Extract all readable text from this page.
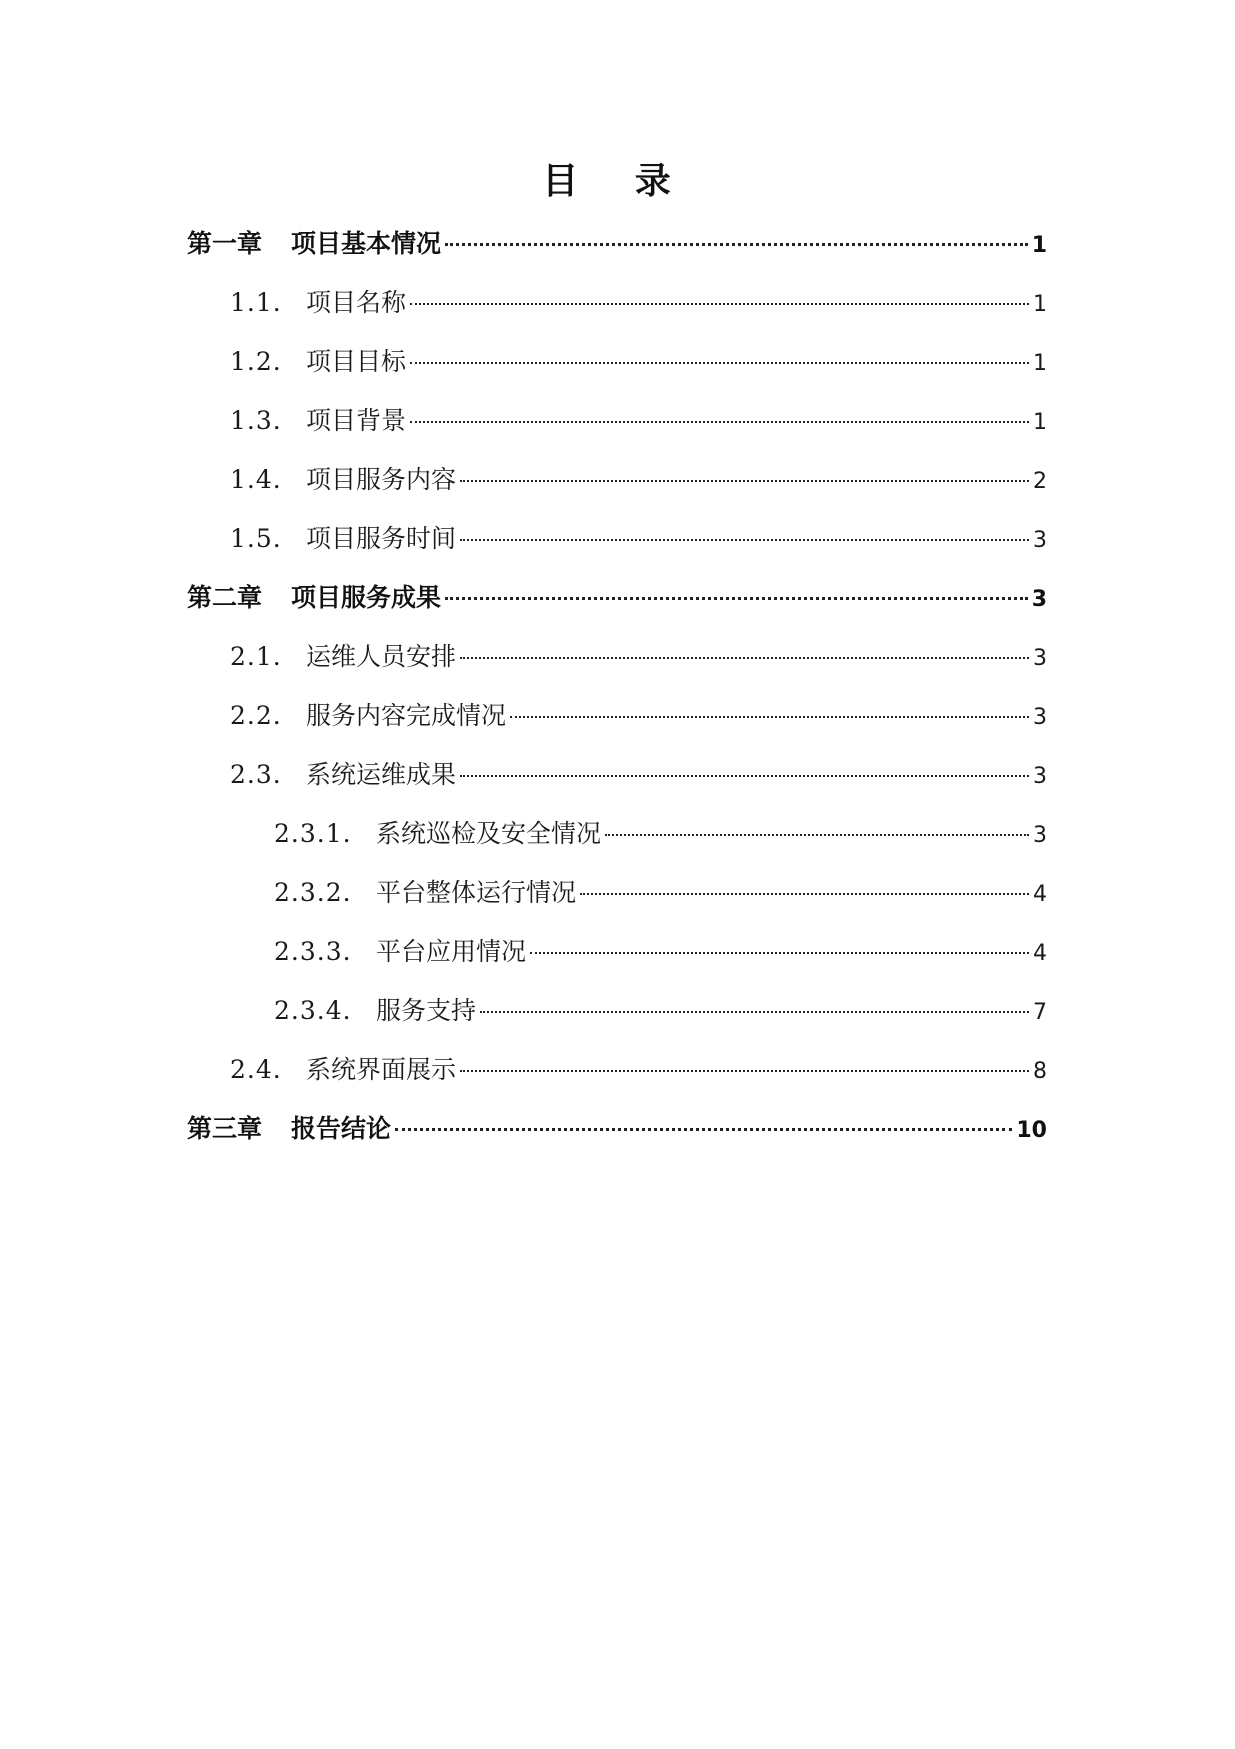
目 录
第一章	项目基本情况	1
1.1. 项目名称	1
1.2. 项目目标	1
1.3. 项目背景	1
1.4. 项目服务内容	2
1.5. 项目服务时间	3
第二章	项目服务成果	3
2.1. 运维人员安排	3
2.2. 服务内容完成情况	3
2.3. 系统运维成果	3
2.3.1. 系统巡检及安全情况	3
2.3.2. 平台整体运行情况	4
2.3.3. 平台应用情况	4
2.3.4. 服务支持	7
2.4. 系统界面展示	8
第三章	报告结论	10
